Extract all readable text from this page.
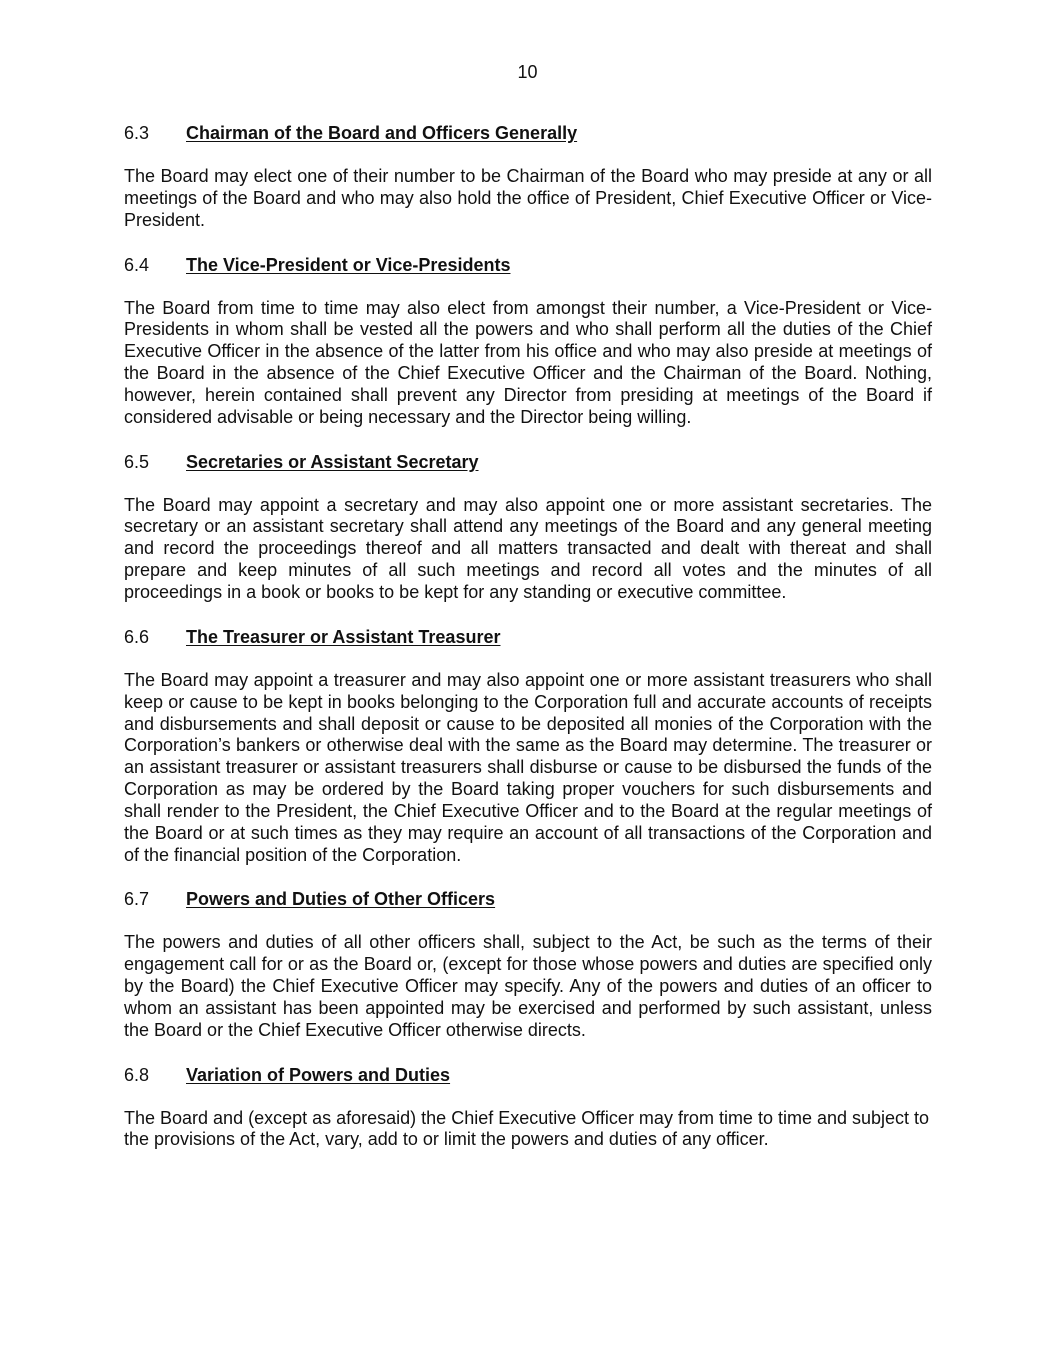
10
6.3 Chairman of the Board and Officers Generally

The Board may elect one of their number to be Chairman of the Board who may preside at any or all meetings of the Board and who may also hold the office of President, Chief Executive Officer or Vice-President.

6.4 The Vice-President or Vice-Presidents

The Board from time to time may also elect from amongst their number, a Vice-President or Vice-Presidents in whom shall be vested all the powers and who shall perform all the duties of the Chief Executive Officer in the absence of the latter from his office and who may also preside at meetings of the Board in the absence of the Chief Executive Officer and the Chairman of the Board. Nothing, however, herein contained shall prevent any Director from presiding at meetings of the Board if considered advisable or being necessary and the Director being willing.

6.5 Secretaries or Assistant Secretary

The Board may appoint a secretary and may also appoint one or more assistant secretaries. The secretary or an assistant secretary shall attend any meetings of the Board and any general meeting and record the proceedings thereof and all matters transacted and dealt with thereat and shall prepare and keep minutes of all such meetings and record all votes and the minutes of all proceedings in a book or books to be kept for any standing or executive committee.

6.6 The Treasurer or Assistant Treasurer

The Board may appoint a treasurer and may also appoint one or more assistant treasurers who shall keep or cause to be kept in books belonging to the Corporation full and accurate accounts of receipts and disbursements and shall deposit or cause to be deposited all monies of the Corporation with the Corporation’s bankers or otherwise deal with the same as the Board may determine. The treasurer or an assistant treasurer or assistant treasurers shall disburse or cause to be disbursed the funds of the Corporation as may be ordered by the Board taking proper vouchers for such disbursements and shall render to the President, the Chief Executive Officer and to the Board at the regular meetings of the Board or at such times as they may require an account of all transactions of the Corporation and of the financial position of the Corporation.

6.7 Powers and Duties of Other Officers

The powers and duties of all other officers shall, subject to the Act, be such as the terms of their engagement call for or as the Board or, (except for those whose powers and duties are specified only by the Board) the Chief Executive Officer may specify. Any of the powers and duties of an officer to whom an assistant has been appointed may be exercised and performed by such assistant, unless the Board or the Chief Executive Officer otherwise directs.

6.8 Variation of Powers and Duties

The Board and (except as aforesaid) the Chief Executive Officer may from time to time and subject to the provisions of the Act, vary, add to or limit the powers and duties of any officer.
